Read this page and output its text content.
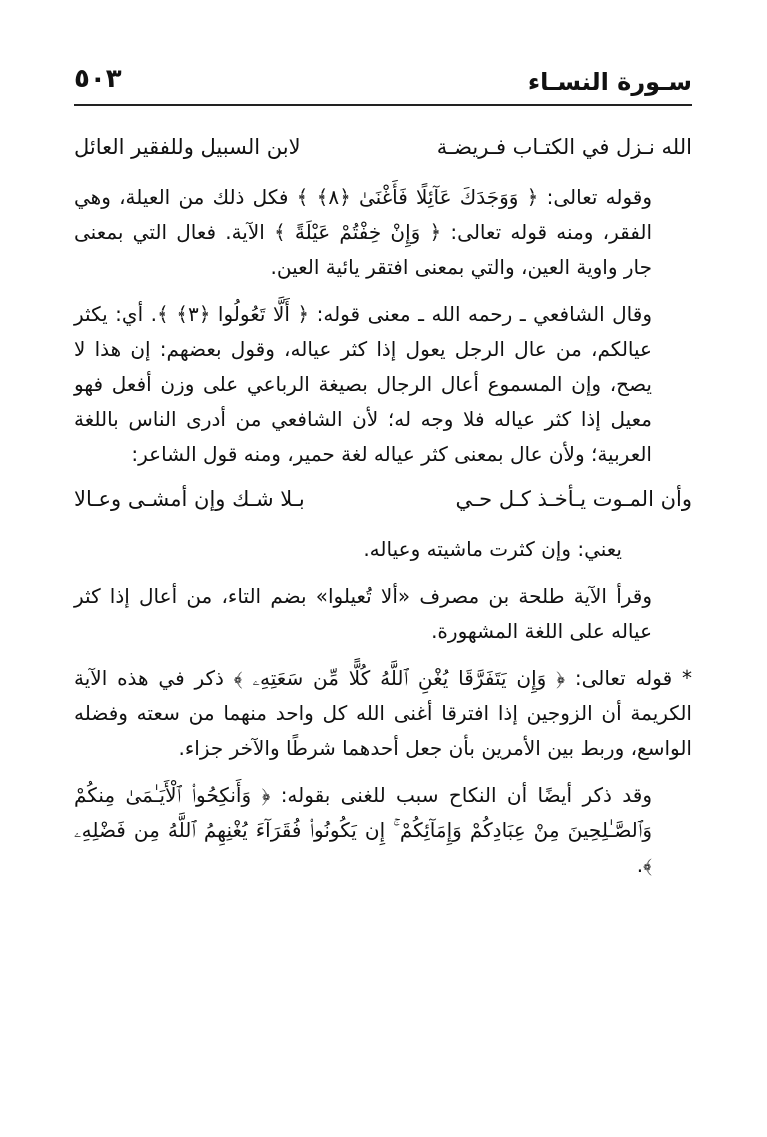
سـورة النسـاء
٥٠٣
الله نـزل في الكتـاب فـريضـة
لابن السبيل وللفقير العائل

وقوله تعالى: ﴿ وَوَجَدَكَ عَآئِلًا فَأَغْنَىٰ ﴿٨﴾ ﴾ فكل ذلك من العيلة، وهي الفقر، ومنه قوله تعالى: ﴿ وَإِنْ خِفْتُمْ عَيْلَةً ﴾ الآية. فعال التي بمعنى جار واوية العين، والتي بمعنى افتقر يائية العين.

وقال الشافعي ـ رحمه الله ـ معنى قوله: ﴿ أَلَّا تَعُولُوا ﴿٣﴾ ﴾. أي: يكثر عيالكم، من عال الرجل يعول إذا كثر عياله، وقول بعضهم: إن هذا لا يصح، وإن المسموع أعال الرجال بصيغة الرباعي على وزن أفعل فهو معيل إذا كثر عياله فلا وجه له؛ لأن الشافعي من أدرى الناس باللغة العربية؛ ولأن عال بمعنى كثر عياله لغة حمير، ومنه قول الشاعر:

وأن المـوت يـأخـذ كـل حـي
بـلا شـك وإن أمشـى وعـالا

يعني: وإن كثرت ماشيته وعياله.

وقرأ الآية طلحة بن مصرف «ألا تُعيلوا» بضم التاء، من أعال إذا كثر عياله على اللغة المشهورة.

* قوله تعالى: ﴿ وَإِن يَتَفَرَّقَا يُغْنِ ٱللَّهُ كُلًّا مِّن سَعَتِهِۦ ﴾ ذكر في هذه الآية الكريمة أن الزوجين إذا افترقا أغنى الله كل واحد منهما من سعته وفضله الواسع، وربط بين الأمرين بأن جعل أحدهما شرطًا والآخر جزاء.

وقد ذكر أيضًا أن النكاح سبب للغنى بقوله: ﴿ وَأَنكِحُوا۟ ٱلْأَيَـٰمَىٰ مِنكُمْ وَٱلصَّـٰلِحِينَ مِنْ عِبَادِكُمْ وَإِمَآئِكُمْ ۚ إِن يَكُونُوا۟ فُقَرَآءَ يُغْنِهِمُ ٱللَّهُ مِن فَضْلِهِۦ ﴾.
